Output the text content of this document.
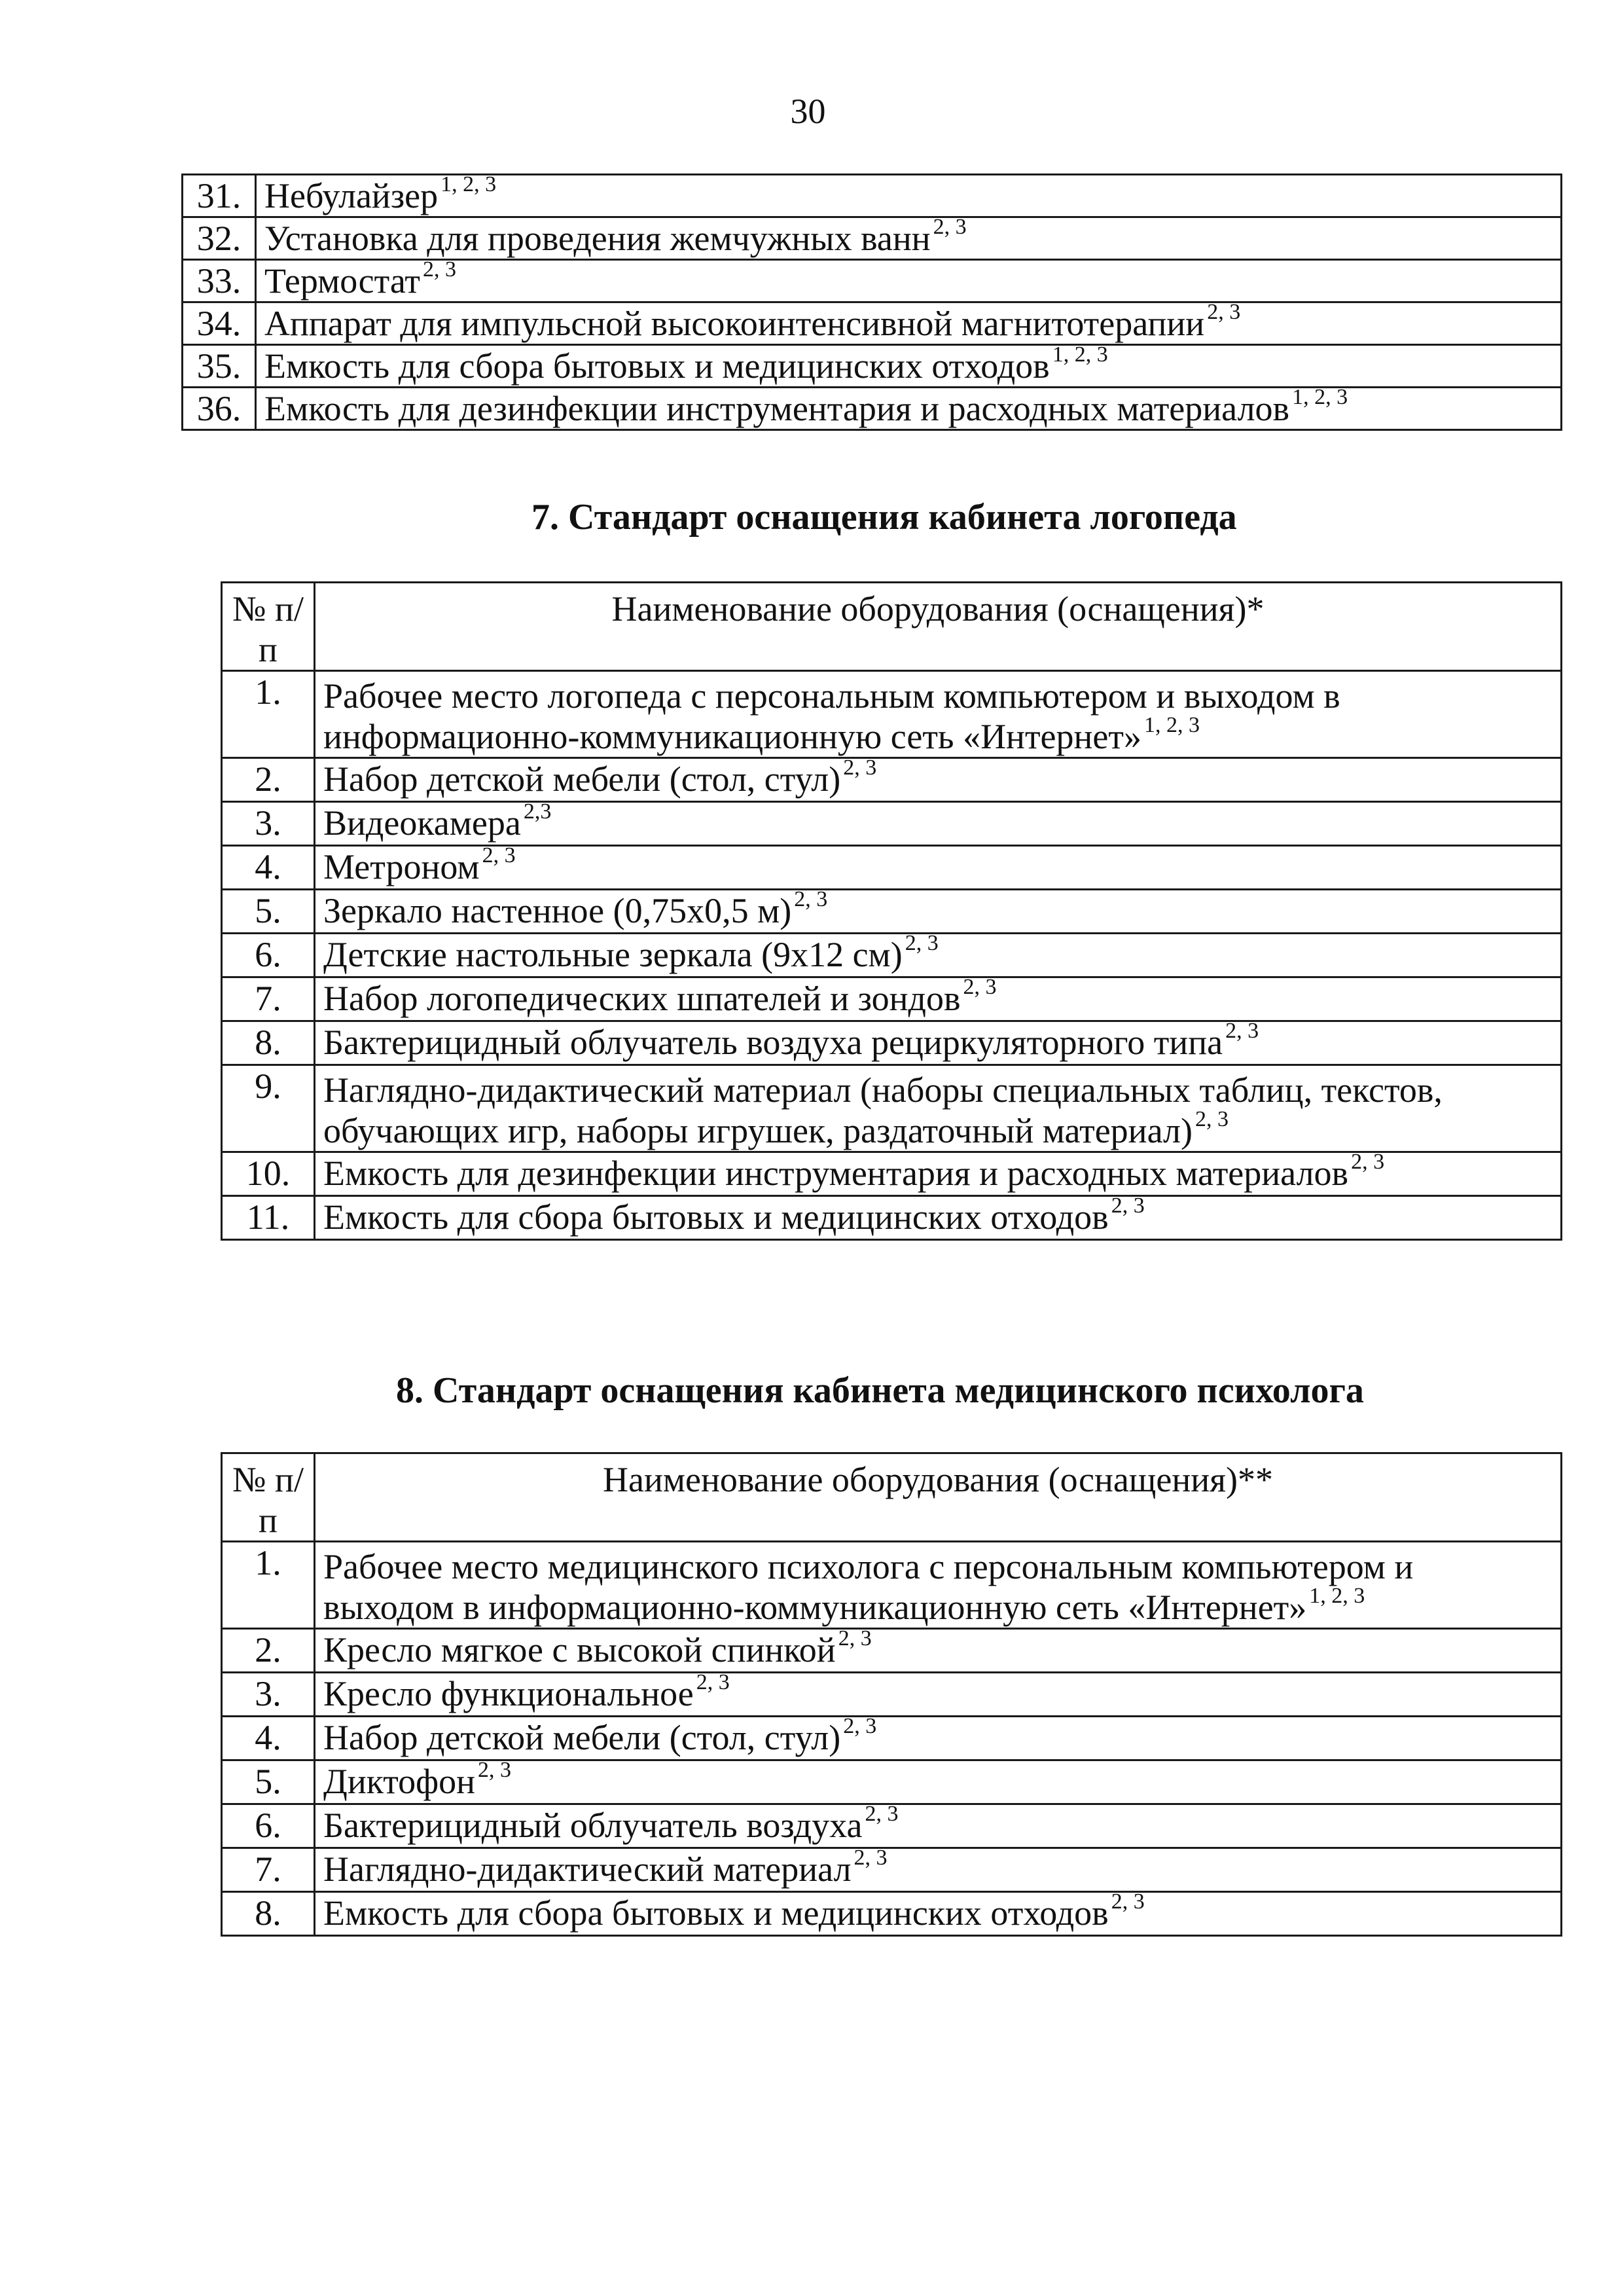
30
31.	Небулайзер $^{1, 2, 3}$
32.	Установка для проведения жемчужных ванн $^{2, 3}$
33.	Термостат $^{2, 3}$
34.	Аппарат для импульсной высокоинтенсивной магнитотерапии $^{2, 3}$
35.	Емкость для сбора бытовых и медицинских отходов $^{1, 2, 3}$
36.	Емкость для дезинфекции инструментария и расходных материалов $^{1, 2, 3}$
7. Стандарт оснащения кабинета логопеда
№ п/п	Наименование оборудования (оснащения)*
1.	Рабочее место логопеда с персональным компьютером и выходом в информационно-коммуникационную сеть «Интернет» $^{1, 2, 3}$
2.	Набор детской мебели (стол, стул) $^{2, 3}$
3.	Видеокамера $^{2,3}$
4.	Метроном $^{2, 3}$
5.	Зеркало настенное (0,75х0,5 м) $^{2, 3}$
6.	Детские настольные зеркала (9х12 см) $^{2, 3}$
7.	Набор логопедических шпателей и зондов $^{2, 3}$
8.	Бактерицидный облучатель воздуха рециркуляторного типа $^{2, 3}$
9.	Наглядно-дидактический материал (наборы специальных таблиц, текстов, обучающих игр, наборы игрушек, раздаточный материал) $^{2, 3}$
10.	Емкость для дезинфекции инструментария и расходных материалов $^{2, 3}$
11.	Емкость для сбора бытовых и медицинских отходов $^{2, 3}$
8. Стандарт оснащения кабинета медицинского психолога
№ п/п	Наименование оборудования (оснащения)**
1.	Рабочее место медицинского психолога с персональным компьютером и выходом в информационно-коммуникационную сеть «Интернет» $^{1, 2, 3}$
2.	Кресло мягкое с высокой спинкой $^{2, 3}$
3.	Кресло функциональное $^{2, 3}$
4.	Набор детской мебели (стол, стул) $^{2, 3}$
5.	Диктофон $^{2, 3}$
6.	Бактерицидный облучатель воздуха $^{2, 3}$
7.	Наглядно-дидактический материал $^{2, 3}$
8.	Емкость для сбора бытовых и медицинских отходов $^{2, 3}$
